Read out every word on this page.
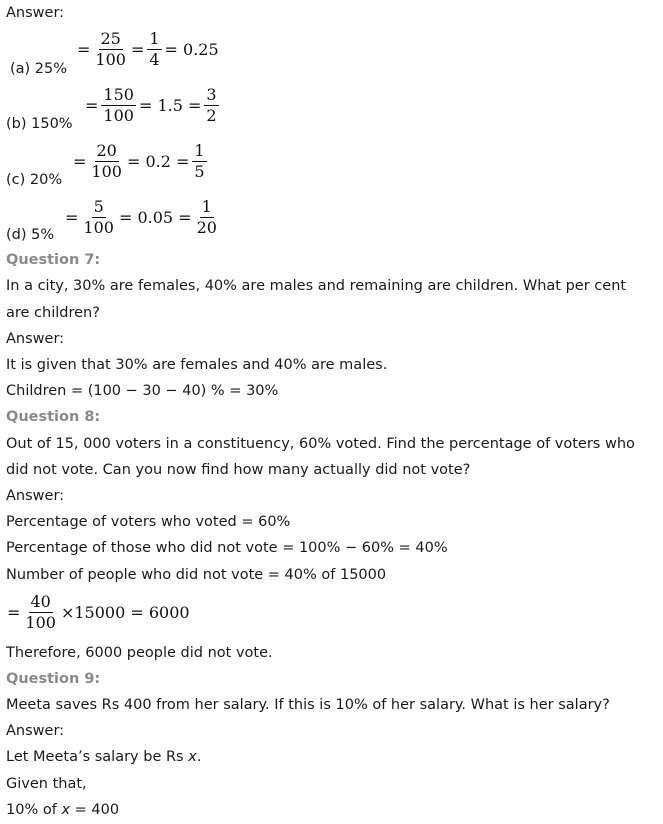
Answer:
(a) 25%
= $\frac{25}{100} = \frac{1}{4} = 0.25$
(b) 150%
= $\frac{150}{100} = 1.5 = \frac{3}{2}$
(c) 20%
= $\frac{20}{100} = 0.2 = \frac{1}{5}$
(d) 5%
= $\frac{5}{100} = 0.05 = \frac{1}{20}$
Question 7:
In a city, 30% are females, 40% are males and remaining are children. What per cent
are children?
Answer:
It is given that 30% are females and 40% are males.
Children = (100 − 30 − 40) % = 30%
Question 8:
Out of 15, 000 voters in a constituency, 60% voted. Find the percentage of voters who
did not vote. Can you now find how many actually did not vote?
Answer:
Percentage of voters who voted = 60%
Percentage of those who did not vote = 100% − 60% = 40%
Number of people who did not vote = 40% of 15000
= $\frac{40}{100} \times 15000 = 6000$
Therefore, 6000 people did not vote.
Question 9:
Meeta saves Rs 400 from her salary. If this is 10% of her salary. What is her salary?
Answer:
Let Meeta’s salary be Rs x.
Given that,
10% of x = 400
